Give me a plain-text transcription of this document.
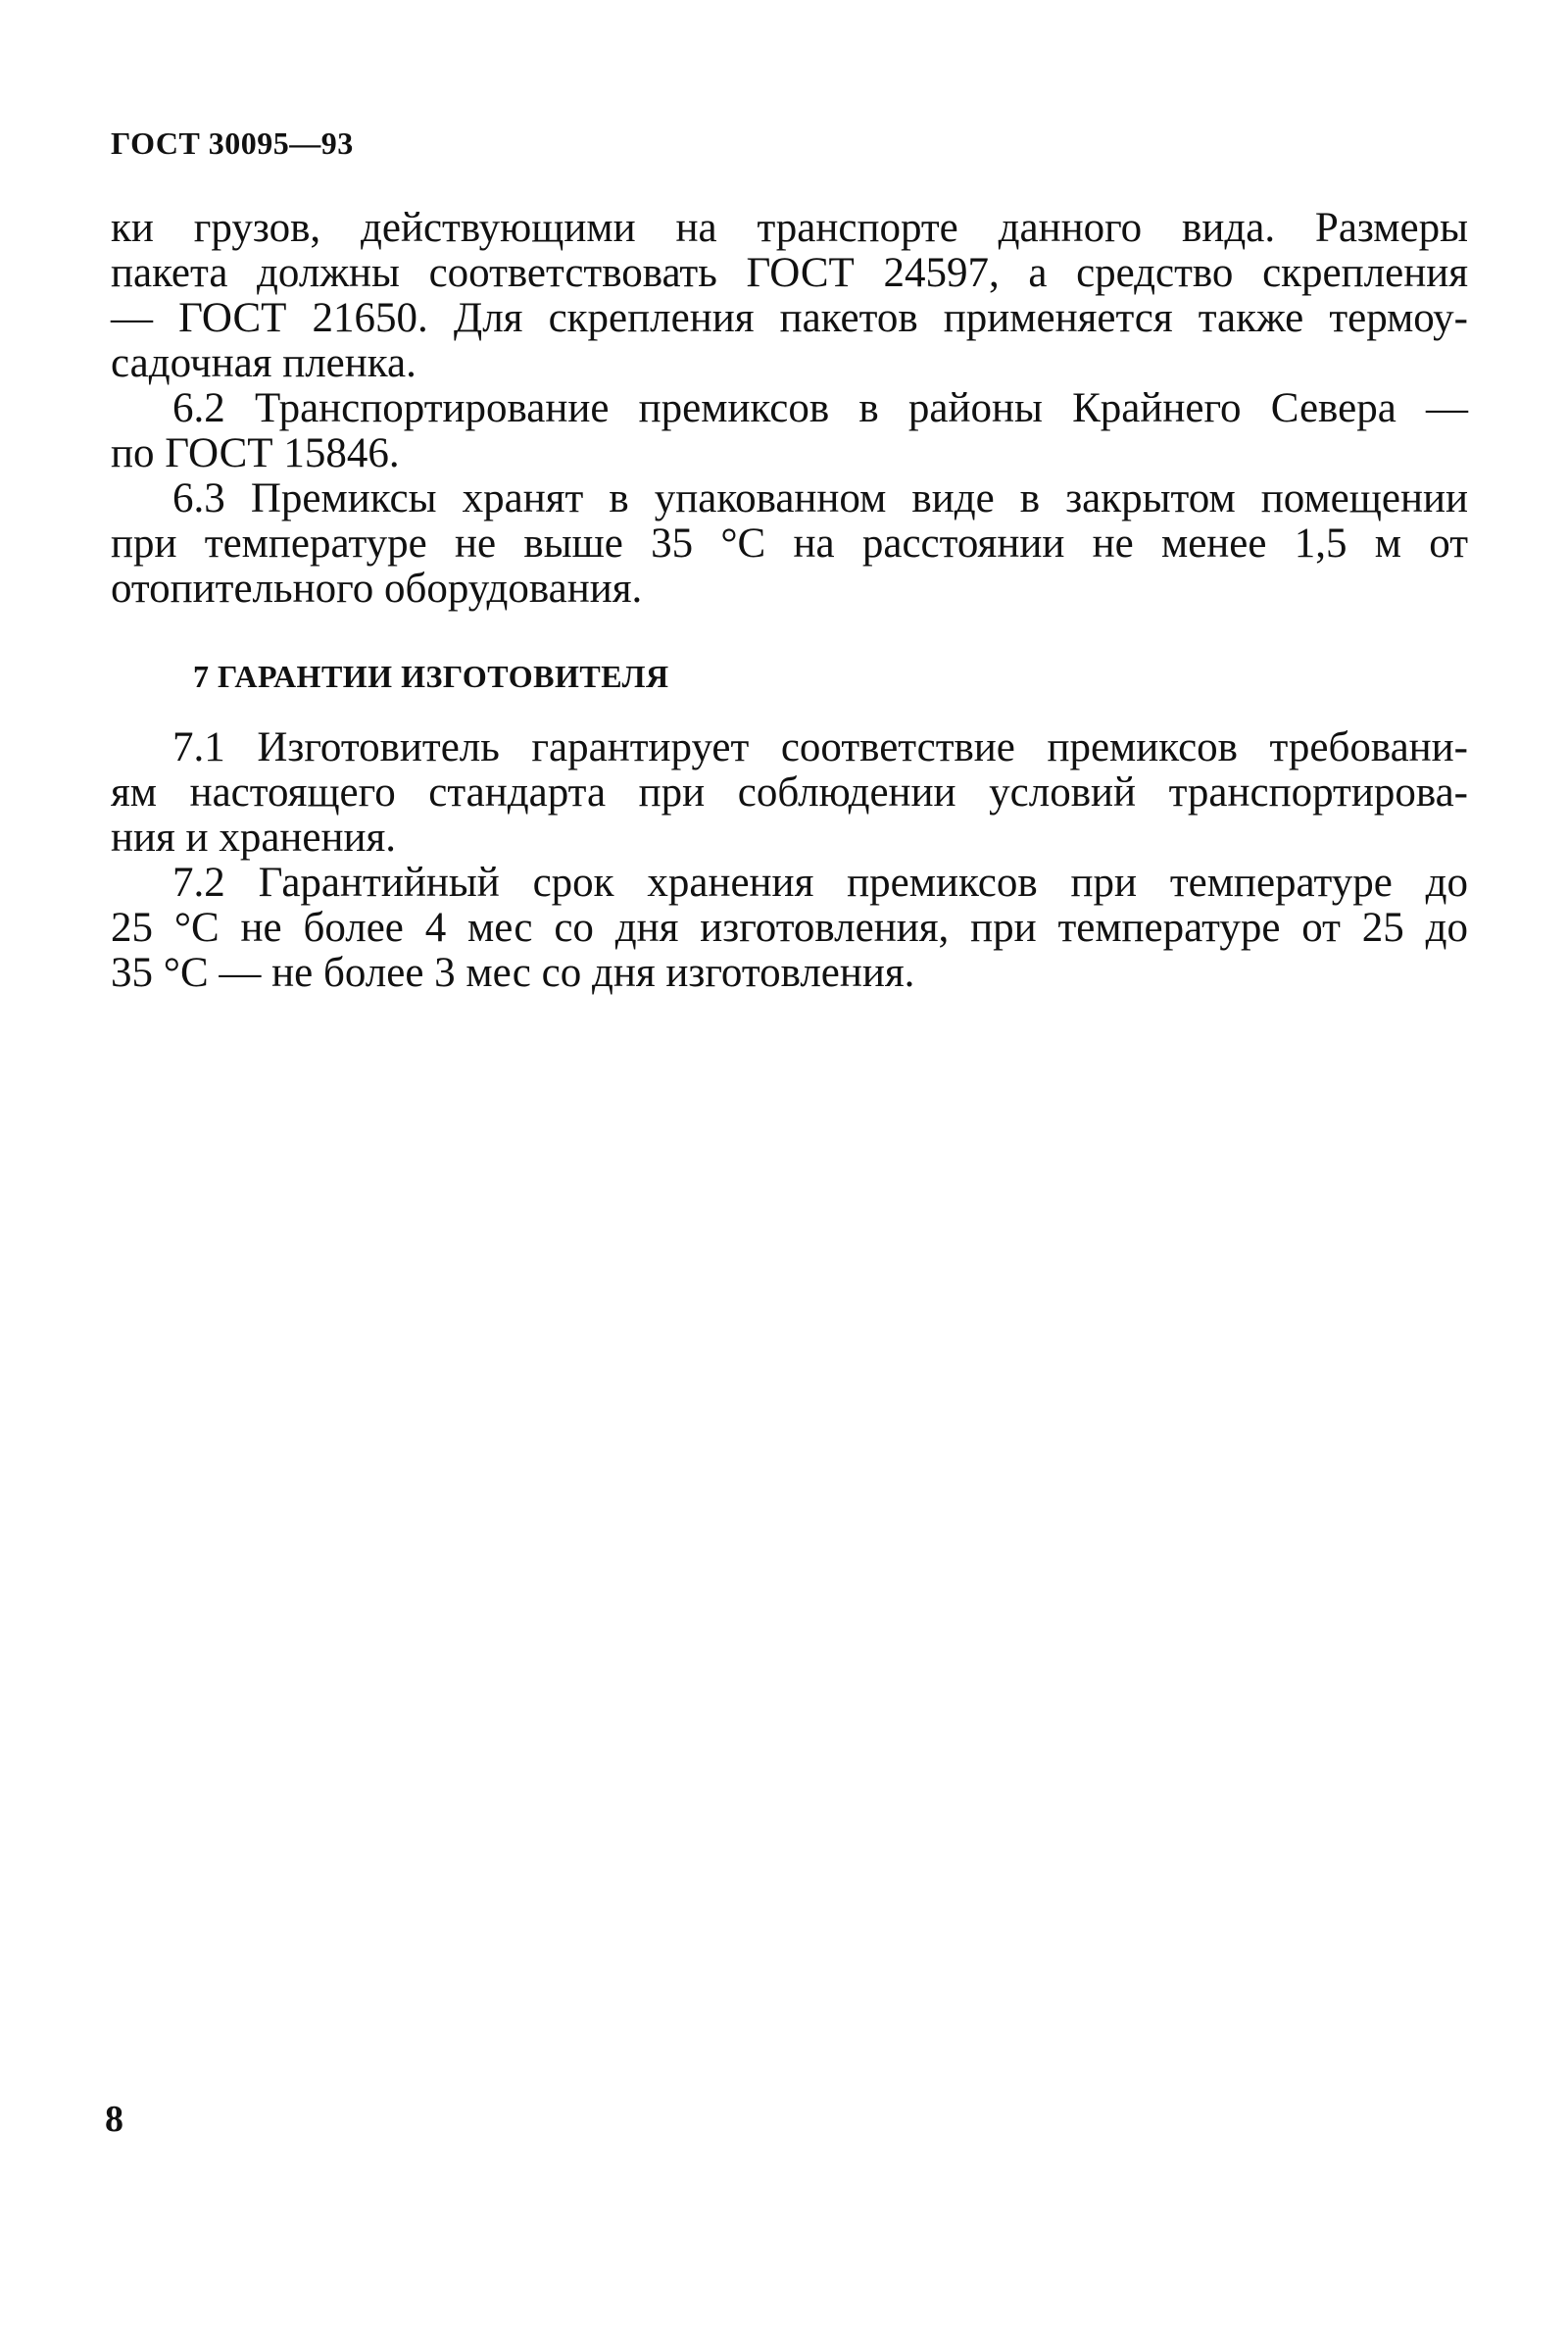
ГОСТ 30095—93
ки грузов, действующими на транспорте данного вида. Размеры
пакета должны соответствовать ГОСТ 24597, а средство скрепления
— ГОСТ 21650. Для скрепления пакетов применяется также термоу-
садочная пленка.
6.2 Транспортирование премиксов в районы Крайнего Севера —
по ГОСТ 15846.
6.3 Премиксы хранят в упакованном виде в закрытом помещении
при температуре не выше 35 °С на расстоянии не менее 1,5 м от
отопительного оборудования.
7 ГАРАНТИИ ИЗГОТОВИТЕЛЯ
7.1 Изготовитель гарантирует соответствие премиксов требовани-
ям настоящего стандарта при соблюдении условий транспортирова-
ния и хранения.
7.2 Гарантийный срок хранения премиксов при температуре до
25 °С не более 4 мес со дня изготовления, при температуре от 25 до
35 °С — не более 3 мес со дня изготовления.
8
